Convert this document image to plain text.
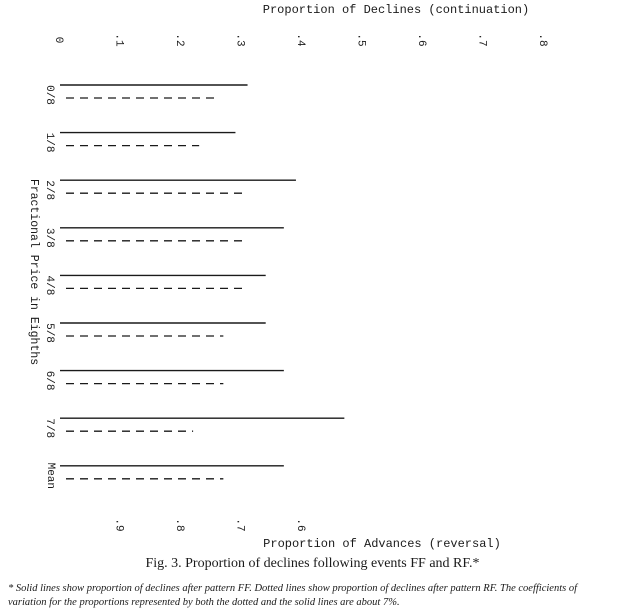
Proportion of Declines (continuation)
0	.1	.2	.3	.4	.5	.6	.7	.8
Fractional Price in Eighths
0/8
1/8
2/8
3/8
4/8
5/8
6/8
7/8
Mean
.9	.8	.7	.6
Proportion of Advances (reversal)
Fig. 3. Proportion of declines following events FF and RF.*
* Solid lines show proportion of declines after pattern FF. Dotted lines show proportion of declines after pattern RF. The coefficients of variation for the proportions represented by both the dotted and the solid lines are about 7%.
